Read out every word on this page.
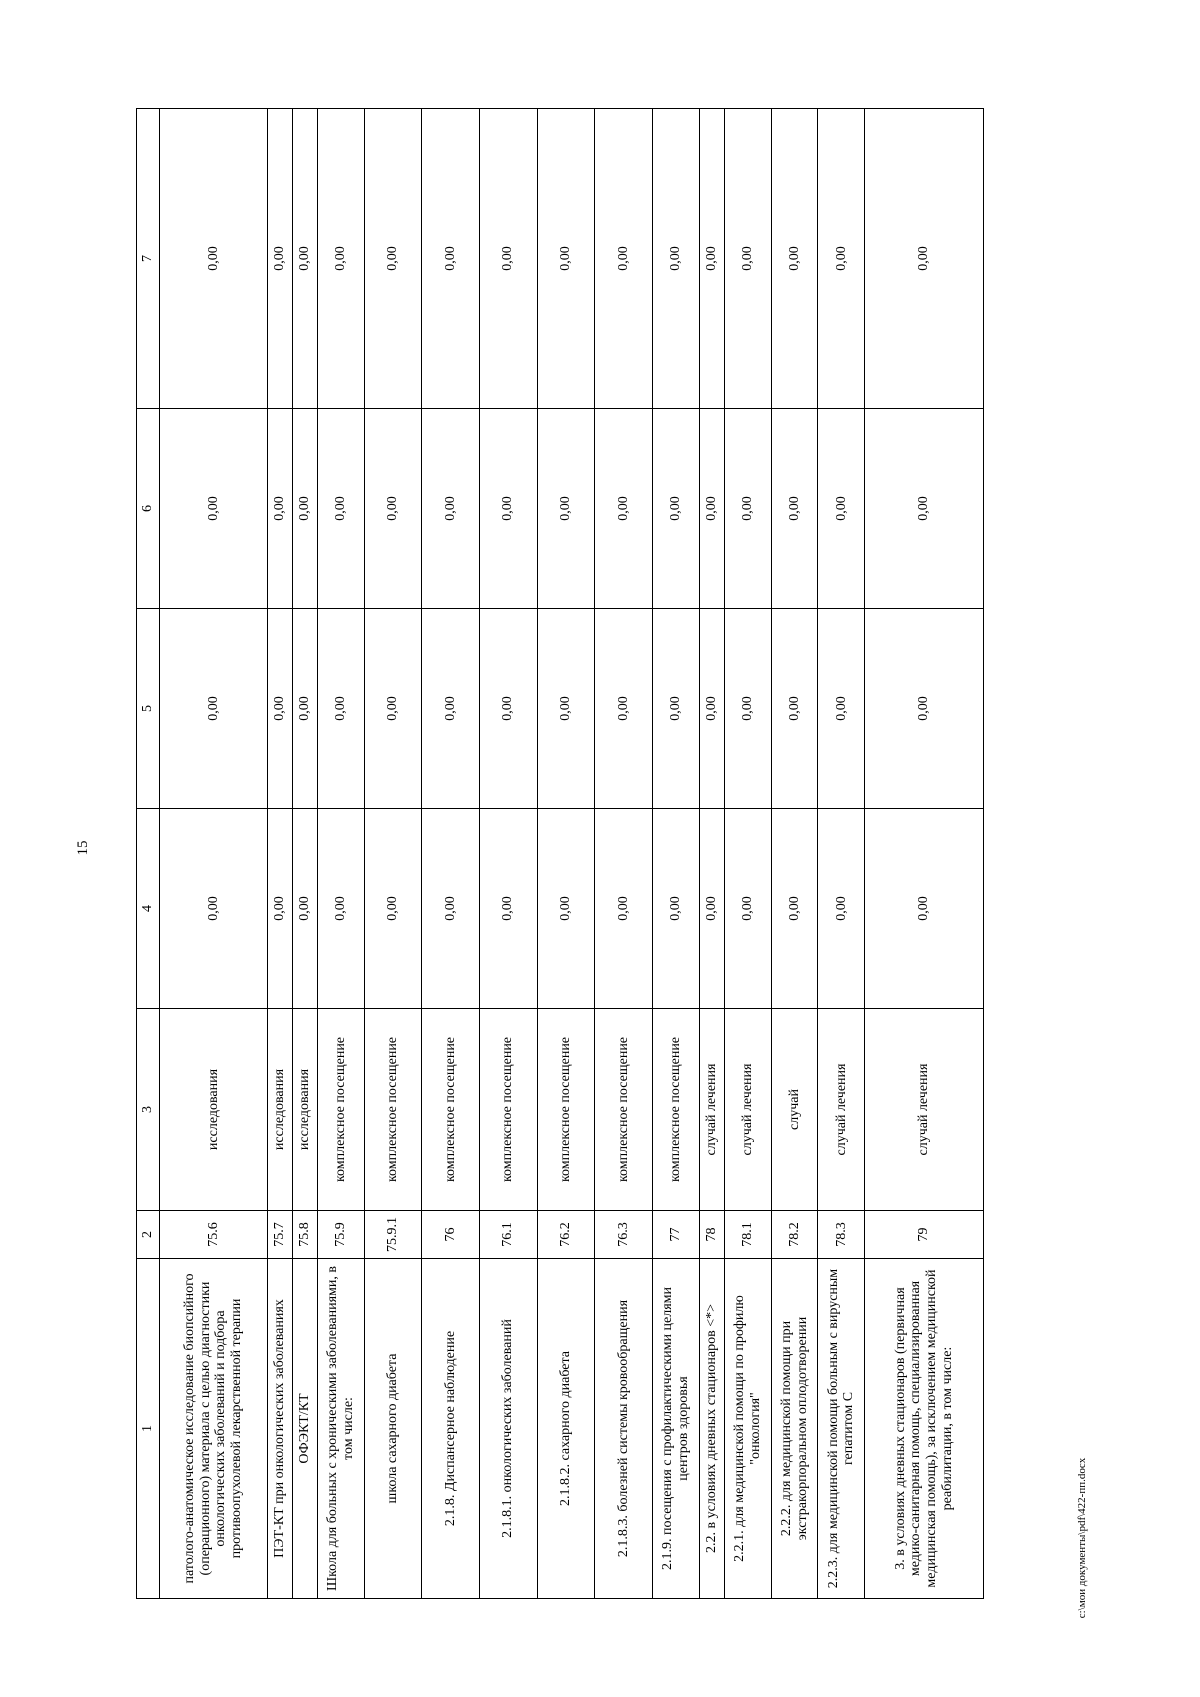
15
1	2	3	4	5	6	7
патолого-анатомическое исследование биопсийного (операционного) материала с целью диагностики онкологических заболеваний и подбора противоопухолевой лекарственной терапии	75.6	исследования	0,00	0,00	0,00	0,00
ПЭТ-КТ при онкологических заболеваниях	75.7	исследования	0,00	0,00	0,00	0,00
ОФЭКТ/КТ	75.8	исследования	0,00	0,00	0,00	0,00
Школа для больных с хроническими заболеваниями, в том числе:	75.9	комплексное посещение	0,00	0,00	0,00	0,00
школа сахарного диабета	75.9.1	комплексное посещение	0,00	0,00	0,00	0,00
2.1.8. Диспансерное наблюдение	76	комплексное посещение	0,00	0,00	0,00	0,00
2.1.8.1. онкологических заболеваний	76.1	комплексное посещение	0,00	0,00	0,00	0,00
2.1.8.2. сахарного диабета	76.2	комплексное посещение	0,00	0,00	0,00	0,00
2.1.8.3. болезней системы кровообращения	76.3	комплексное посещение	0,00	0,00	0,00	0,00
2.1.9. посещения с профилактическими целями центров здоровья	77	комплексное посещение	0,00	0,00	0,00	0,00
2.2. в условиях дневных стационаров <*>	78	случай лечения	0,00	0,00	0,00	0,00
2.2.1. для медицинской помощи по профилю "онкология"	78.1	случай лечения	0,00	0,00	0,00	0,00
2.2.2. для медицинской помощи при экстракорпоральном оплодотворении	78.2	случай	0,00	0,00	0,00	0,00
2.2.3. для медицинской помощи больным с вирусным гепатитом С	78.3	случай лечения	0,00	0,00	0,00	0,00
3. в условиях дневных стационаров (первичная медико-санитарная помощь, специализированная медицинская помощь), за исключением медицинской реабилитации, в том числе:	79	случай лечения	0,00	0,00	0,00	0,00
c:\мои документы\pdf\422-пп.docx
